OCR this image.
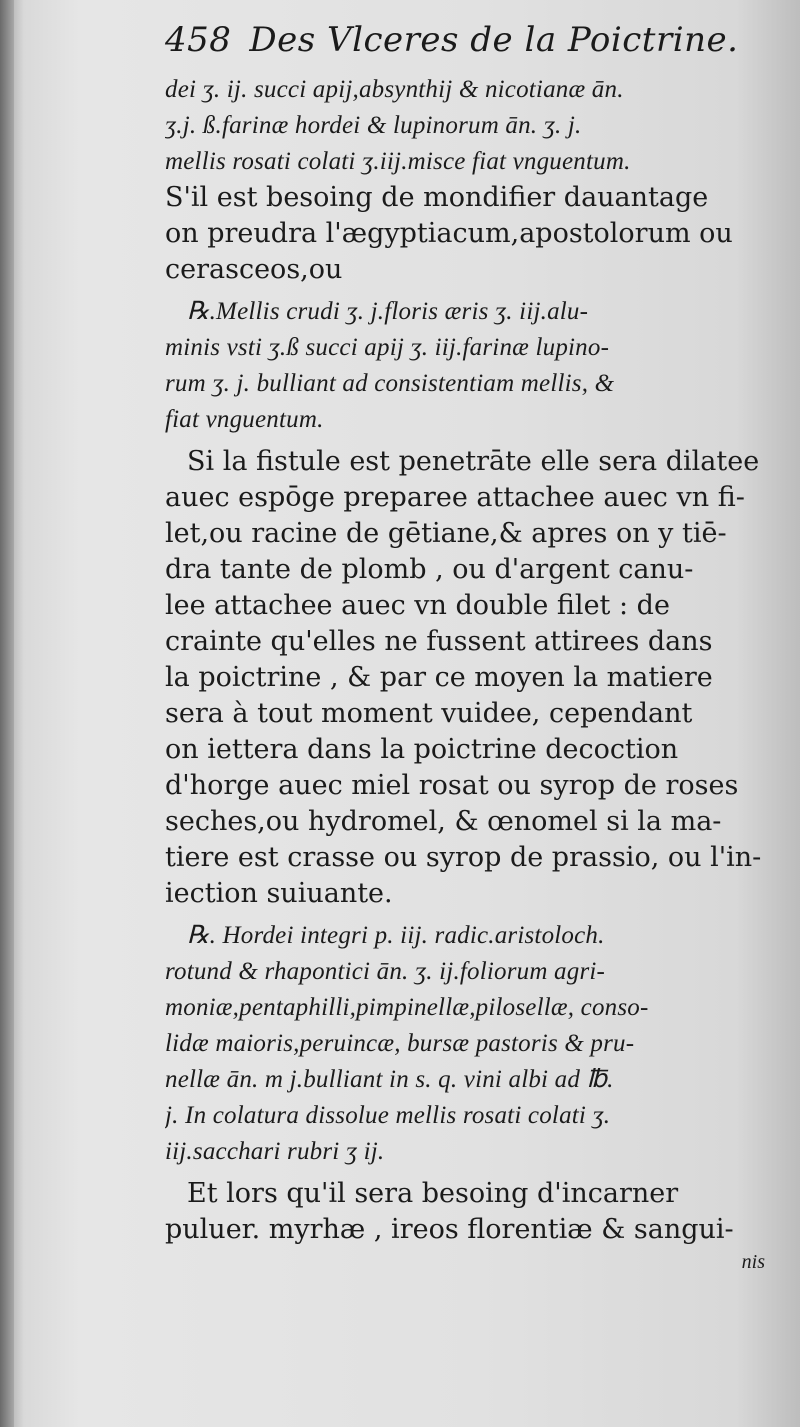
458 Des Vlceres de la Poictrine.
dei ʒ. ij. succi apij,absynthij & nicotianæ ān.
ʒ.j. ß.farinæ hordei & lupinorum ān. ʒ. j.
mellis rosati colati ʒ.iij.misce fiat vnguentum.
S'il est besoing de mondifier dauantage
on preudra l'ægyptiacum,apostolorum ou
cerasceos,ou
℞.Mellis crudi ʒ. j.floris æris ʒ. iij.alu-
minis vsti ʒ.ß succi apij ʒ. iij.farinæ lupino-
rum ʒ. j. bulliant ad consistentiam mellis, &
fiat vnguentum.
Si la fistule est penetrāte elle sera dilatee
auec espōge preparee attachee auec vn fi-
let,ou racine de gētiane,& apres on y tiē-
dra tante de plomb , ou d'argent canu-
lee attachee auec vn double filet : de
crainte qu'elles ne fussent attirees dans
la poictrine , & par ce moyen la matiere
sera à tout moment vuidee, cependant
on iettera dans la poictrine decoction
d'horge auec miel rosat ou syrop de roses
seches,ou hydromel, & œnomel si la ma-
tiere est crasse ou syrop de prassio, ou l'in-
iection suiuante.
℞. Hordei integri p. iij. radic.aristoloch.
rotund & rhapontici ān. ʒ. ij.foliorum agri-
moniæ,pentaphilli,pimpinellæ,pilosellæ, conso-
lidæ maioris,peruincæ, bursæ pastoris & pru-
nellæ ān. m j.bulliant in s. q. vini albi ad ℔.
j. In colatura dissolue mellis rosati colati ʒ.
iij.sacchari rubri ʒ ij.
Et lors qu'il sera besoing d'incarner
puluer. myrhæ , ireos florentiæ & sangui-
nis
